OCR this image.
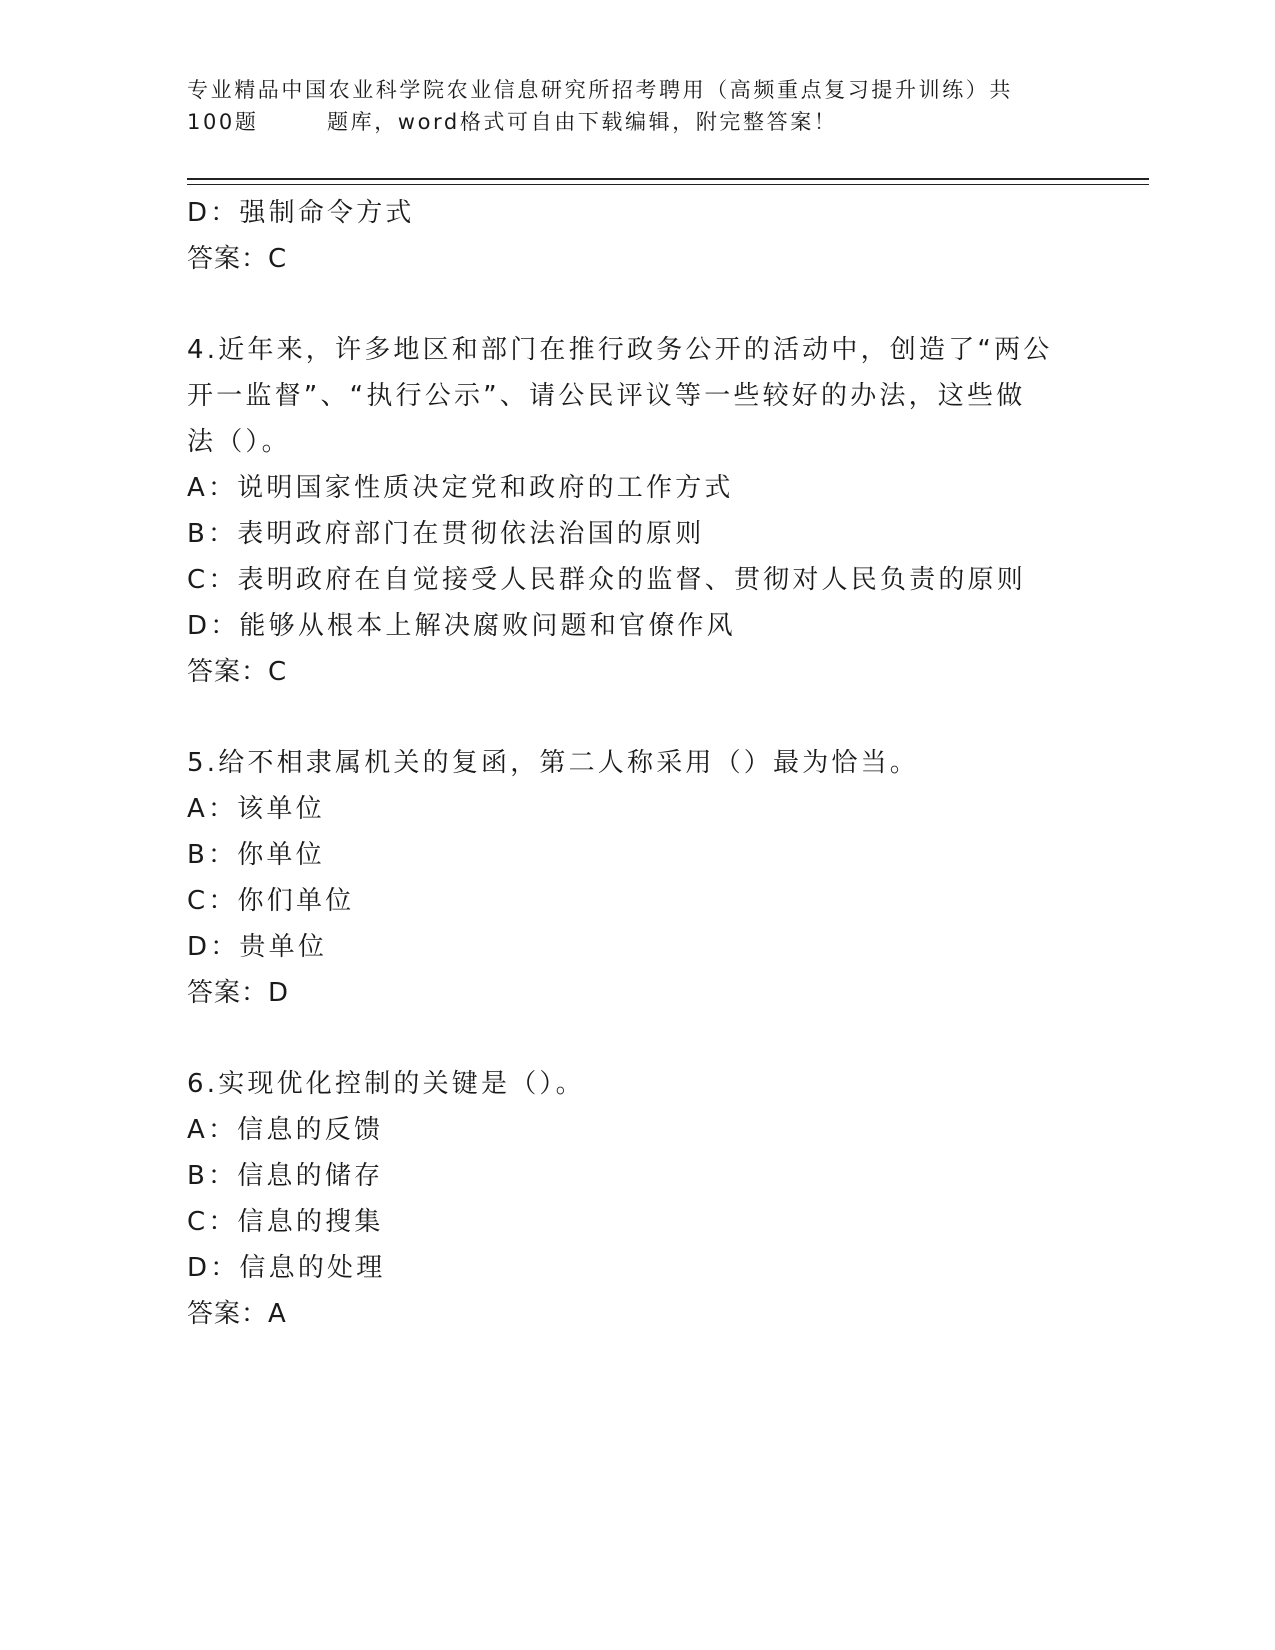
专业精品中国农业科学院农业信息研究所招考聘用（高频重点复习提升训练）共
100题	题库，word格式可自由下载编辑，附完整答案！
D：强制命令方式
答案：C
4.近年来，许多地区和部门在推行政务公开的活动中，创造了“两公
开一监督”、“执行公示”、请公民评议等一些较好的办法，这些做
法（）。
A：说明国家性质决定党和政府的工作方式
B：表明政府部门在贯彻依法治国的原则
C：表明政府在自觉接受人民群众的监督、贯彻对人民负责的原则
D：能够从根本上解决腐败问题和官僚作风
答案：C
5.给不相隶属机关的复函，第二人称采用（）最为恰当。
A：该单位
B：你单位
C：你们单位
D：贵单位
答案：D
6.实现优化控制的关键是（）。
A：信息的反馈
B：信息的储存
C：信息的搜集
D：信息的处理
答案：A
